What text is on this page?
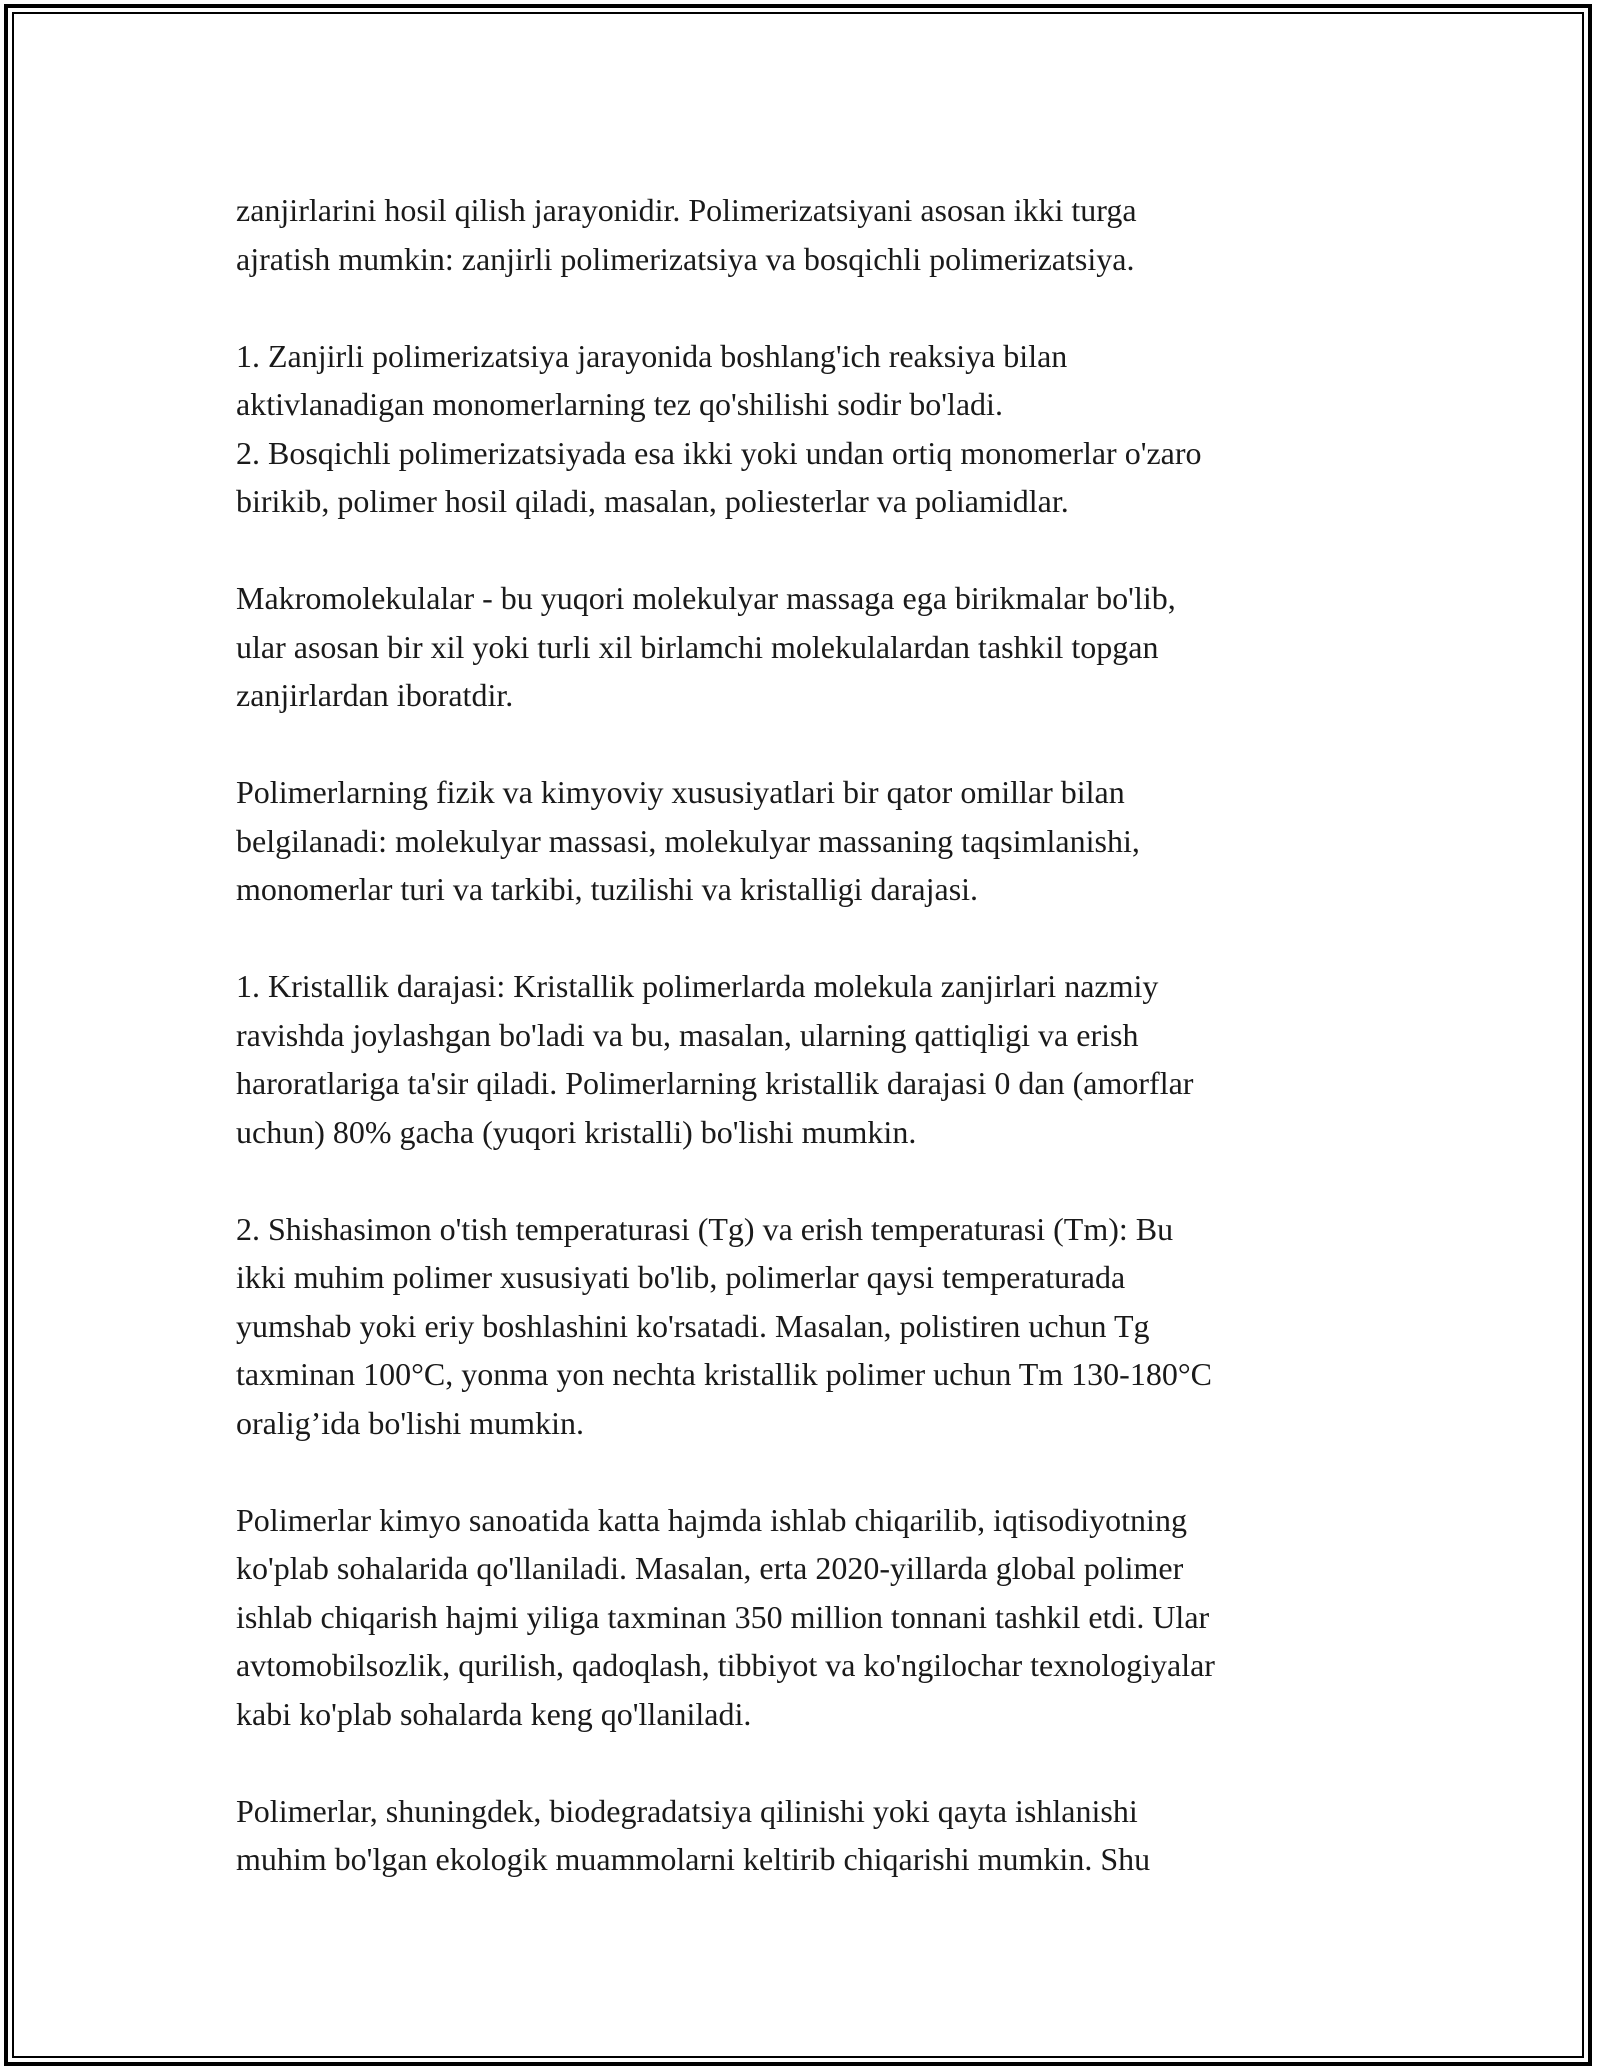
zanjirlarini hosil qilish jarayonidir. Polimerizatsiyani asosan ikki turga
ajratish mumkin: zanjirli polimerizatsiya va bosqichli polimerizatsiya.
1. Zanjirli polimerizatsiya jarayonida boshlang'ich reaksiya bilan
aktivlanadigan monomerlarning tez qo'shilishi sodir bo'ladi.
2. Bosqichli polimerizatsiyada esa ikki yoki undan ortiq monomerlar o'zaro
birikib, polimer hosil qiladi, masalan, poliesterlar va poliamidlar.
Makromolekulalar - bu yuqori molekulyar massaga ega birikmalar bo'lib,
ular asosan bir xil yoki turli xil birlamchi molekulalardan tashkil topgan
zanjirlardan iboratdir.
Polimerlarning fizik va kimyoviy xususiyatlari bir qator omillar bilan
belgilanadi: molekulyar massasi, molekulyar massaning taqsimlanishi,
monomerlar turi va tarkibi, tuzilishi va kristalligi darajasi.
1. Kristallik darajasi: Kristallik polimerlarda molekula zanjirlari nazmiy
ravishda joylashgan bo'ladi va bu, masalan, ularning qattiqligi va erish
haroratlariga ta'sir qiladi. Polimerlarning kristallik darajasi 0 dan (amorflar
uchun) 80% gacha (yuqori kristalli) bo'lishi mumkin.
2. Shishasimon o'tish temperaturasi (Tg) va erish temperaturasi (Tm): Bu
ikki muhim polimer xususiyati bo'lib, polimerlar qaysi temperaturada
yumshab yoki eriy boshlashini ko'rsatadi. Masalan, polistiren uchun Tg
taxminan 100°C, yonma yon nechta kristallik polimer uchun Tm 130-180°C
oralig’ida bo'lishi mumkin.
Polimerlar kimyo sanoatida katta hajmda ishlab chiqarilib, iqtisodiyotning
ko'plab sohalarida qo'llaniladi. Masalan, erta 2020-yillarda global polimer
ishlab chiqarish hajmi yiliga taxminan 350 million tonnani tashkil etdi. Ular
avtomobilsozlik, qurilish, qadoqlash, tibbiyot va ko'ngilochar texnologiyalar
kabi ko'plab sohalarda keng qo'llaniladi.
Polimerlar, shuningdek, biodegradatsiya qilinishi yoki qayta ishlanishi
muhim bo'lgan ekologik muammolarni keltirib chiqarishi mumkin. Shu
